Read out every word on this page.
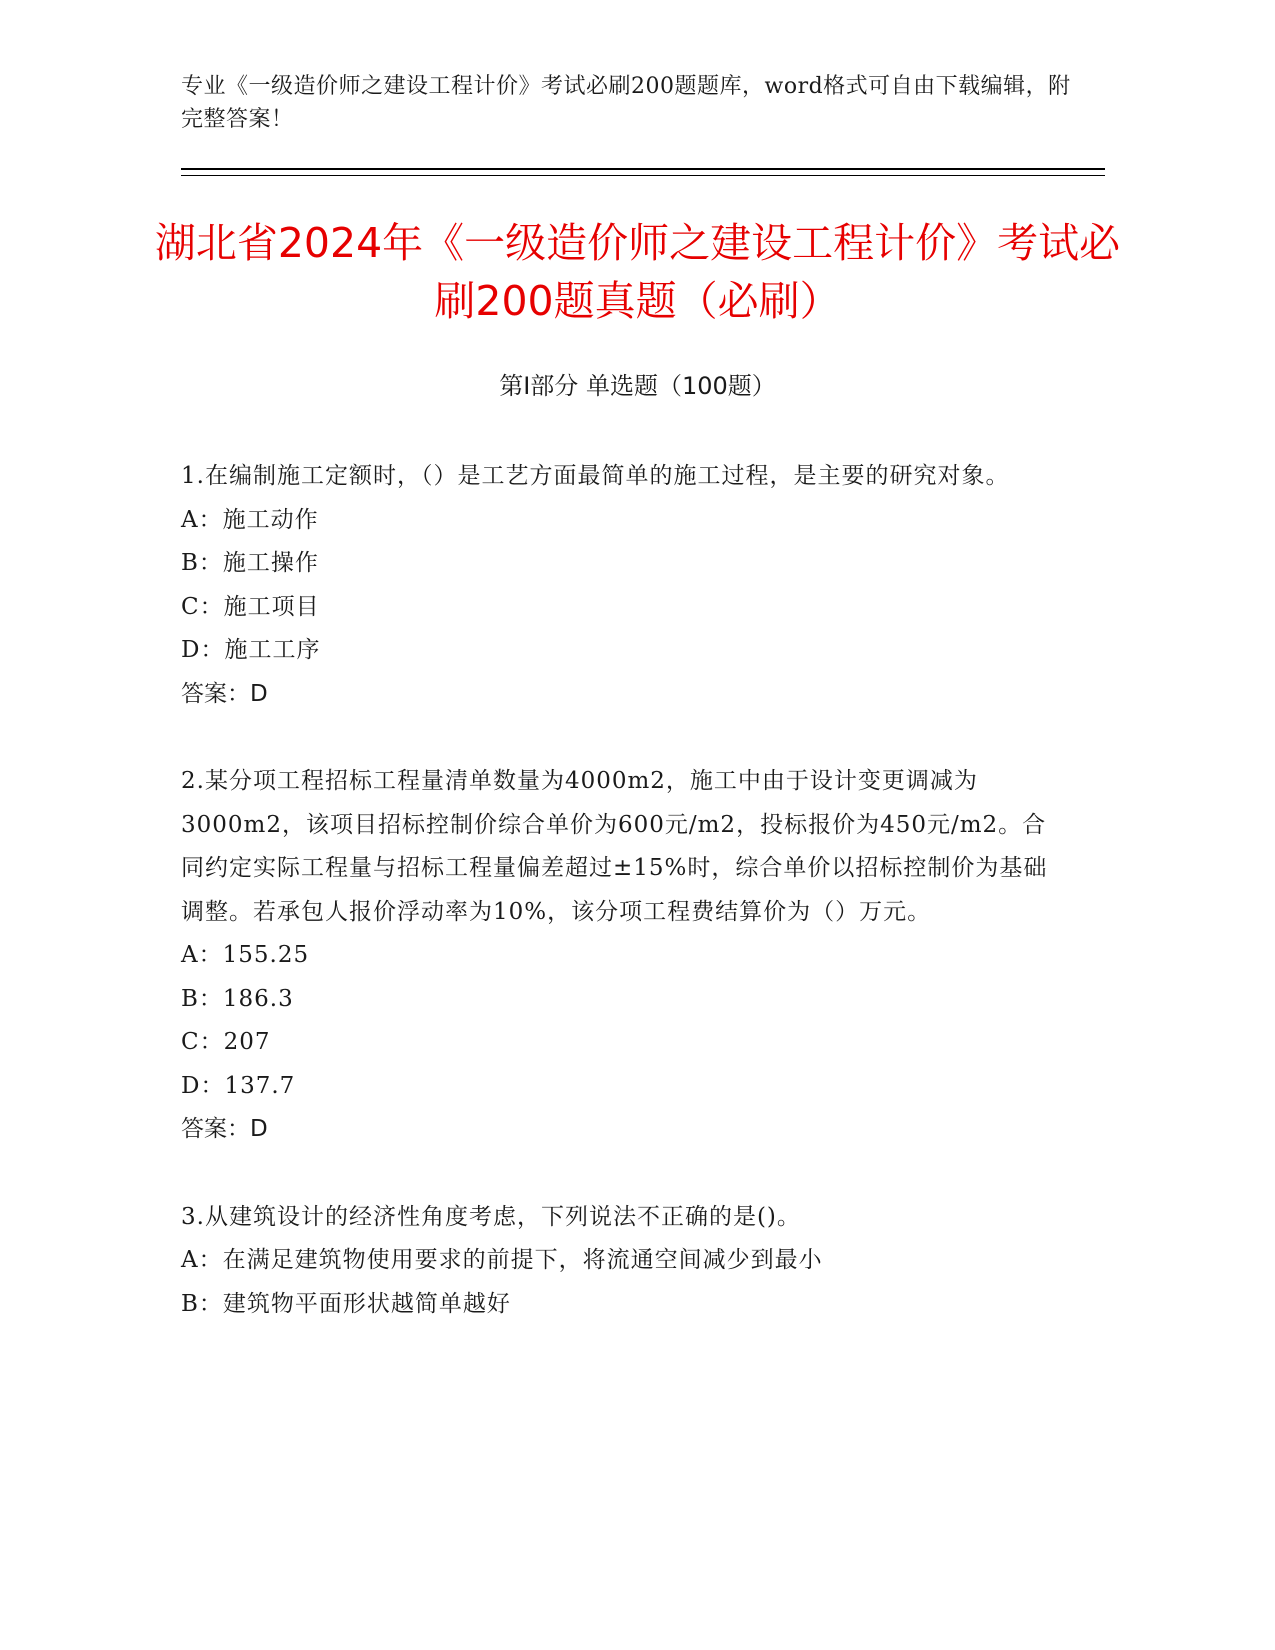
专业《一级造价师之建设工程计价》考试必刷200题题库，word格式可自由下载编辑，附完整答案！
湖北省2024年《一级造价师之建设工程计价》考试必刷200题真题（必刷）
第Ⅰ部分 单选题（100题）
1.在编制施工定额时，（）是工艺方面最简单的施工过程，是主要的研究对象。
A：施工动作
B：施工操作
C：施工项目
D：施工工序
答案：D
2.某分项工程招标工程量清单数量为4000m2，施工中由于设计变更调减为3000m2，该项目招标控制价综合单价为600元/m2，投标报价为450元/m2。合同约定实际工程量与招标工程量偏差超过±15%时，综合单价以招标控制价为基础调整。若承包人报价浮动率为10%，该分项工程费结算价为（）万元。
A：155.25
B：186.3
C：207
D：137.7
答案：D
3.从建筑设计的经济性角度考虑，下列说法不正确的是()。
A：在满足建筑物使用要求的前提下，将流通空间减少到最小
B：建筑物平面形状越简单越好
